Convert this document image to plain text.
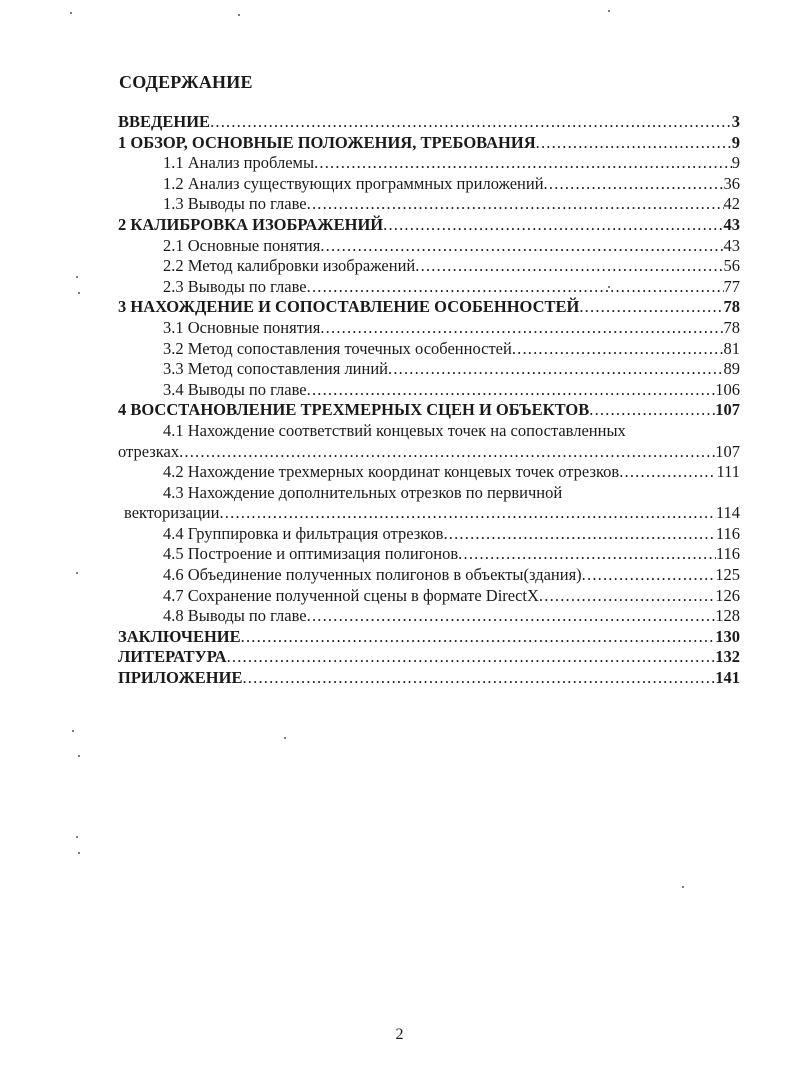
СОДЕРЖАНИЕ
ВВЕДЕНИЕ .....	3
1 ОБЗОР, ОСНОВНЫЕ ПОЛОЖЕНИЯ, ТРЕБОВАНИЯ .....	9
1.1 Анализ проблемы .....	9
1.2 Анализ существующих программных приложений .....	36
1.3 Выводы по главе .....	42
2 КАЛИБРОВКА ИЗОБРАЖЕНИЙ .....	43
2.1 Основные понятия .....	43
2.2 Метод калибровки изображений .....	56
2.3 Выводы по главе .....	77
3 НАХОЖДЕНИЕ И СОПОСТАВЛЕНИЕ ОСОБЕННОСТЕЙ .....	78
3.1 Основные понятия .....	78
3.2 Метод сопоставления точечных особенностей .....	81
3.3 Метод сопоставления линий .....	89
3.4 Выводы по главе .....	106
4 ВОССТАНОВЛЕНИЕ ТРЕХМЕРНЫХ СЦЕН И ОБЪЕКТОВ .....	107
4.1 Нахождение соответствий концевых точек на сопоставленных
отрезках .....	107
4.2 Нахождение трехмерных координат концевых точек отрезков .....	111
4.3 Нахождение дополнительных отрезков по первичной
векторизации .....	114
4.4 Группировка и фильтрация отрезков .....	116
4.5 Построение и оптимизация полигонов .....	116
4.6 Объединение полученных полигонов в объекты(здания) .....	125
4.7 Сохранение полученной сцены в формате DirectX .....	126
4.8 Выводы по главе .....	128
ЗАКЛЮЧЕНИЕ .....	130
ЛИТЕРАТУРА .....	132
ПРИЛОЖЕНИЕ .....	141
2
